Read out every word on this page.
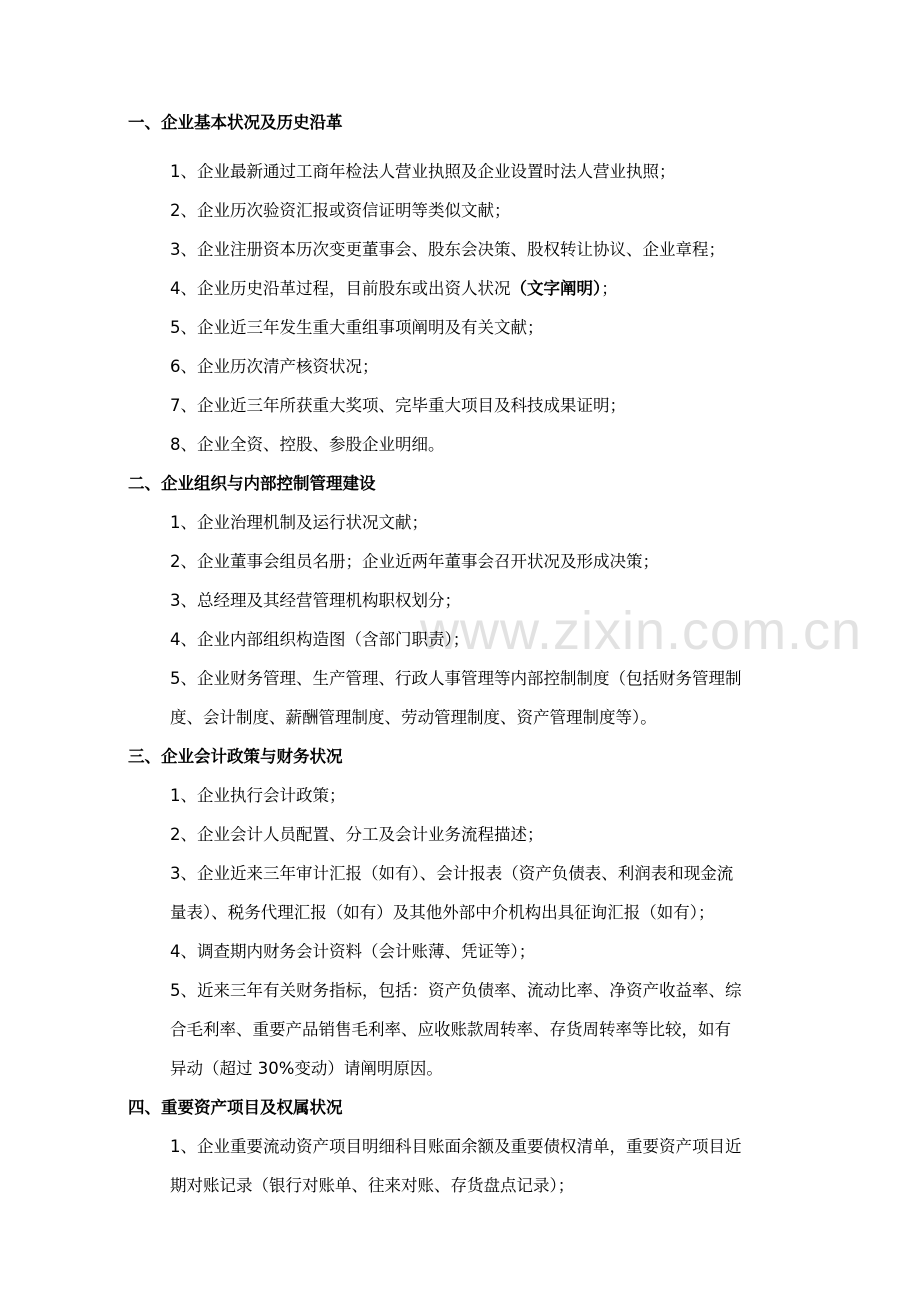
www.zixin.com.cn
一、企业基本状况及历史沿革
1、企业最新通过工商年检法人营业执照及企业设置时法人营业执照；
2、企业历次验资汇报或资信证明等类似文献；
3、企业注册资本历次变更董事会、股东会决策、股权转让协议、企业章程；
4、企业历史沿革过程，目前股东或出资人状况（文字阐明）；
5、企业近三年发生重大重组事项阐明及有关文献；
6、企业历次清产核资状况；
7、企业近三年所获重大奖项、完毕重大项目及科技成果证明；
8、企业全资、控股、参股企业明细。
二、企业组织与内部控制管理建设
1、企业治理机制及运行状况文献；
2、企业董事会组员名册；企业近两年董事会召开状况及形成决策；
3、总经理及其经营管理机构职权划分；
4、企业内部组织构造图（含部门职责）；
5、企业财务管理、生产管理、行政人事管理等内部控制制度（包括财务管理制
度、会计制度、薪酬管理制度、劳动管理制度、资产管理制度等）。
三、企业会计政策与财务状况
1、企业执行会计政策；
2、企业会计人员配置、分工及会计业务流程描述；
3、企业近来三年审计汇报（如有）、会计报表（资产负债表、利润表和现金流
量表）、税务代理汇报（如有）及其他外部中介机构出具征询汇报（如有）；
4、调查期内财务会计资料（会计账薄、凭证等）；
5、近来三年有关财务指标，包括：资产负债率、流动比率、净资产收益率、综
合毛利率、重要产品销售毛利率、应收账款周转率、存货周转率等比较，如有
异动（超过 30%变动）请阐明原因。
四、重要资产项目及权属状况
1、企业重要流动资产项目明细科目账面余额及重要债权清单，重要资产项目近
期对账记录（银行对账单、往来对账、存货盘点记录）；
